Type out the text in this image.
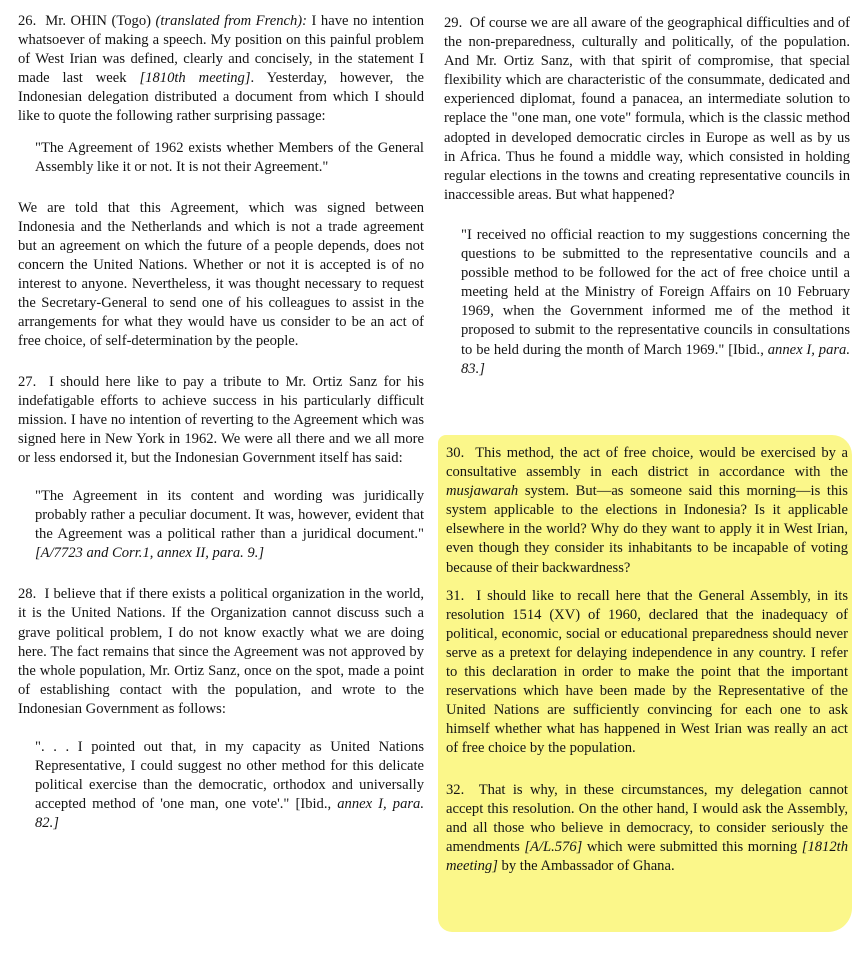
26. Mr. OHIN (Togo) (translated from French): I have no intention whatsoever of making a speech. My position on this painful problem of West Irian was defined, clearly and concisely, in the statement I made last week [1810th meeting]. Yesterday, however, the Indonesian delegation distributed a document from which I should like to quote the following rather surprising passage:

"The Agreement of 1962 exists whether Members of the General Assembly like it or not. It is not their Agreement."

We are told that this Agreement, which was signed between Indonesia and the Netherlands and which is not a trade agreement but an agreement on which the future of a people depends, does not concern the United Nations. Whether or not it is accepted is of no interest to anyone. Nevertheless, it was thought necessary to request the Secretary-General to send one of his colleagues to assist in the arrangements for what they would have us consider to be an act of free choice, of self-determination by the people.

27. I should here like to pay a tribute to Mr. Ortiz Sanz for his indefatigable efforts to achieve success in his particularly difficult mission. I have no intention of reverting to the Agreement which was signed here in New York in 1962. We were all there and we all more or less endorsed it, but the Indonesian Government itself has said:

"The Agreement in its content and wording was juridically probably rather a peculiar document. It was, however, evident that the Agreement was a political rather than a juridical document." [A/7723 and Corr.1, annex II, para. 9.]

28. I believe that if there exists a political organization in the world, it is the United Nations. If the Organization cannot discuss such a grave political problem, I do not know exactly what we are doing here. The fact remains that since the Agreement was not approved by the whole population, Mr. Ortiz Sanz, once on the spot, made a point of establishing contact with the population, and wrote to the Indonesian Government as follows:

". . . I pointed out that, in my capacity as United Nations Representative, I could suggest no other method for this delicate political exercise than the democratic, orthodox and universally accepted method of 'one man, one vote'." [Ibid., annex I, para. 82.]

29. Of course we are all aware of the geographical difficulties and of the non-preparedness, culturally and politically, of the population. And Mr. Ortiz Sanz, with that spirit of compromise, that special flexibility which are characteristic of the consummate, dedicated and experienced diplomat, found a panacea, an intermediate solution to replace the "one man, one vote" formula, which is the classic method adopted in developed democratic circles in Europe as well as by us in Africa. Thus he found a middle way, which consisted in holding regular elections in the towns and creating representative councils in inaccessible areas. But what happened?

"I received no official reaction to my suggestions concerning the questions to be submitted to the representative councils and a possible method to be followed for the act of free choice until a meeting held at the Ministry of Foreign Affairs on 10 February 1969, when the Government informed me of the method it proposed to submit to the representative councils in consultations to be held during the month of March 1969." [Ibid., annex I, para. 83.]

30. This method, the act of free choice, would be exercised by a consultative assembly in each district in accordance with the musjawarah system. But—as someone said this morning—is this system applicable to the elections in Indonesia? Is it applicable elsewhere in the world? Why do they want to apply it in West Irian, even though they consider its inhabitants to be incapable of voting because of their backwardness?

31. I should like to recall here that the General Assembly, in its resolution 1514 (XV) of 1960, declared that the inadequacy of political, economic, social or educational preparedness should never serve as a pretext for delaying independence in any country. I refer to this declaration in order to make the point that the important reservations which have been made by the Representative of the United Nations are sufficiently convincing for each one to ask himself whether what has happened in West Irian was really an act of free choice by the population.

32. That is why, in these circumstances, my delegation cannot accept this resolution. On the other hand, I would ask the Assembly, and all those who believe in democracy, to consider seriously the amendments [A/L.576] which were submitted this morning [1812th meeting] by the Ambassador of Ghana.
